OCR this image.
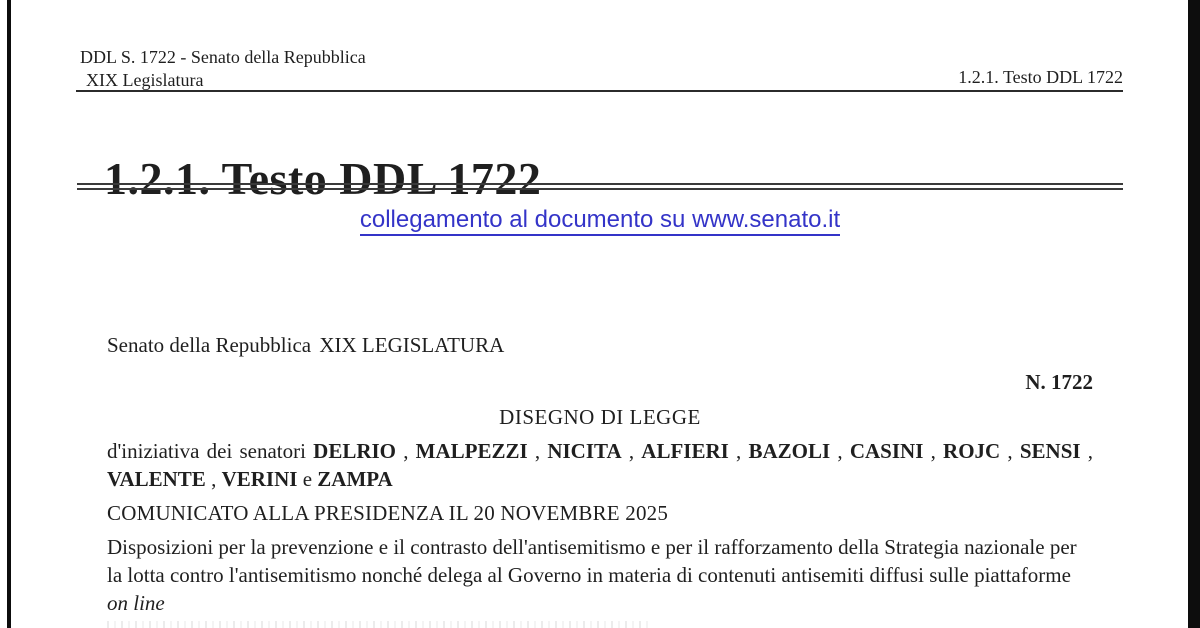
DDL S. 1722 - Senato della Repubblica
XIX Legislatura	1.2.1. Testo DDL 1722
1.2.1. Testo DDL 1722
collegamento al documento su www.senato.it
Senato della Repubblica XIX LEGISLATURA
N. 1722
DISEGNO DI LEGGE
d'iniziativa dei senatori DELRIO , MALPEZZI , NICITA , ALFIERI , BAZOLI , CASINI , ROJC , SENSI , VALENTE , VERINI e ZAMPA
COMUNICATO ALLA PRESIDENZA IL 20 NOVEMBRE 2025
Disposizioni per la prevenzione e il contrasto dell'antisemitismo e per il rafforzamento della Strategia nazionale per la lotta contro l'antisemitismo nonché delega al Governo in materia di contenuti antisemiti diffusi sulle piattaforme on line
